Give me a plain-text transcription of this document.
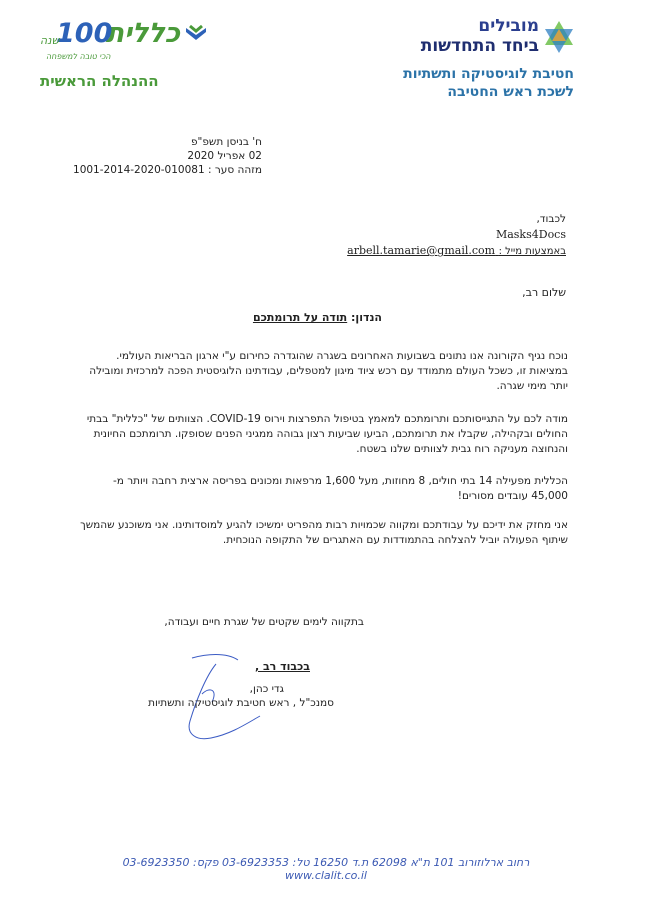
מובילים
ביחד התחדשות
חטיבת לוגיסטיקה ותשתיות
לשכת ראש החטיבה
כללית
100
שנה
הכי טובה למשפחה
ההנהלה הראשית
ח' בניסן תשפ"פ
02 אפריל 2020
מזהה סער : 1001-2014-2020-010081
לכבוד,
Masks4Docs
באמצעות מייל : arbell.tamarie@gmail.com
שלום רב,
הנדון: תודה על תרומתכם
נוכח נגיף הקורונה אנו נתונים בשבועות האחרונים בשגרה שהוגדרה כחירום ע"י ארגון הבריאות העולמי. במציאות זו, כשכל העולם מתמודד עם רכש ציוד מיגון למטפלים, עבודתינו הלוגיסטית הפכה למרכזית ומובילה יותר מימי שגרה.
מודה לכם על התגייסותכם ותרומתכם למאמץ בטיפול התפרצות וירוס COVID-19. הצוותים של "כללית" בבתי החולים ובקהילה, שקבלו את תרומתכם, הביעו שביעות רצון גבוהה ממגיני הפנים שסופקו. תרומתכם החיונית והנחוצה מעניקה רוח גבית לצוותים שלנו בשטח.
הכללית מפעילה 14 בתי חולים, 8 מחוזות, מעל 1,600 מרפאות ומכונים בפריסה ארצית רחבה ויותר מ- 45,000 עובדים מסורים!
אני מחזק את ידיכם על עבודתכם ומקווה שכמויות רבות מהפריט ימשיכו להגיע למוסדותינו. אני משוכנע שהמשך שיתוף הפעולה יוביל להצלחה בהתמודדות עם האתגרים של התקופה הנוכחית.
בתקווה לימים שקטים של שגרת חיים ועבודה,
בכבוד רב ,
גדי כהן,
סמנכ"ל , ראש חטיבת לוגיסטיקה ותשתיות
רחוב ארלוזורוב 101 ת"א 62098 ת.ד 16250 טל: 03-6923353 פקס: 03-6923350 www.clalit.co.il
